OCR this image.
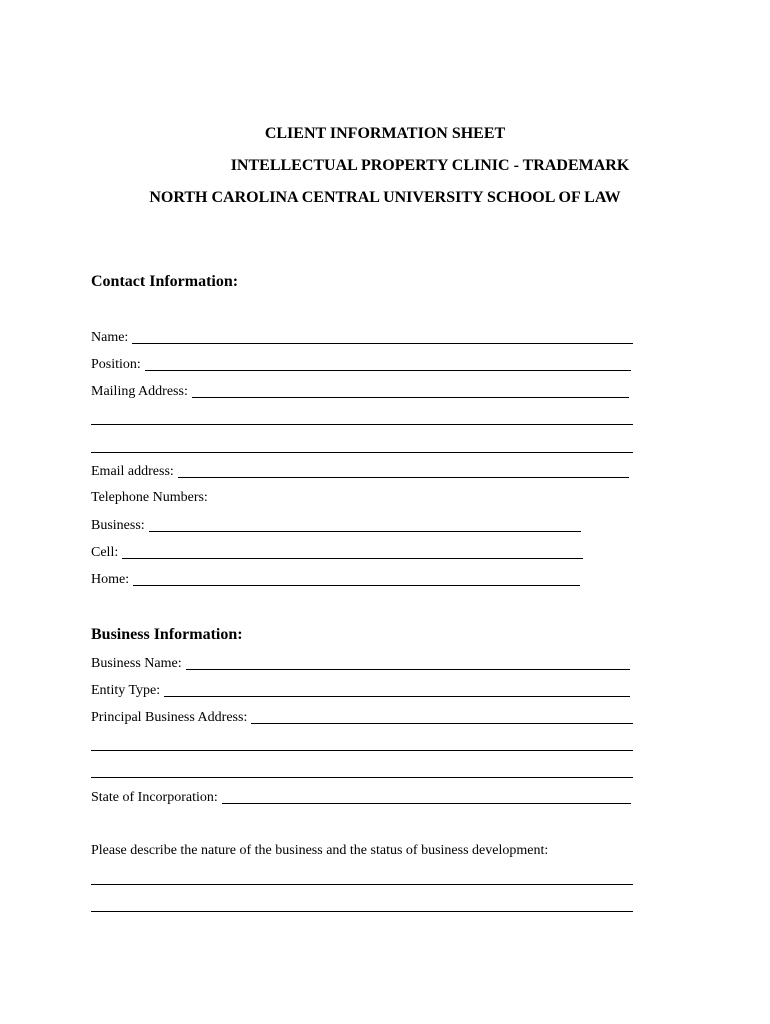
CLIENT INFORMATION SHEET
INTELLECTUAL PROPERTY CLINIC - TRADEMARK
NORTH CAROLINA CENTRAL UNIVERSITY SCHOOL OF LAW
Contact Information:
Name:
Position:
Mailing Address:
Email address:
Telephone Numbers:
Business:
Cell:
Home:
Business Information:
Business Name:
Entity Type:
Principal Business Address:
State of Incorporation:
Please describe the nature of the business and the status of business development:
